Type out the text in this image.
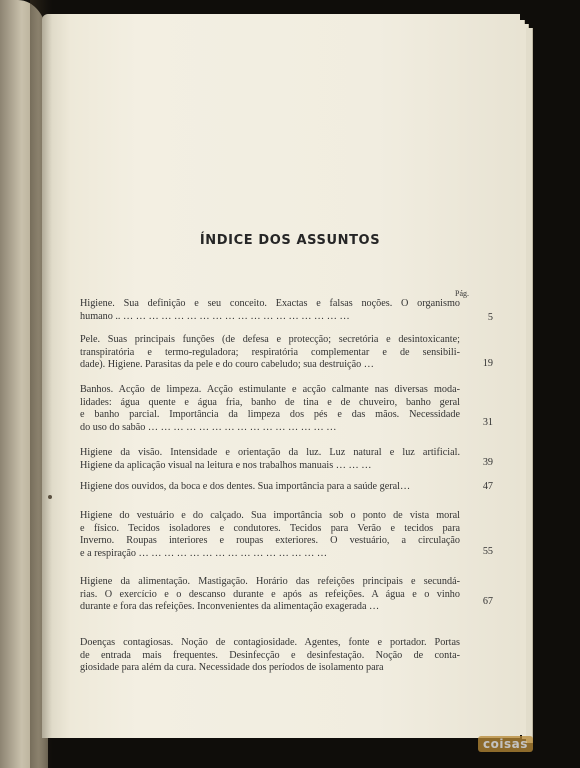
ÍNDICE DOS ASSUNTOS
Pág.
Higiene. Sua definição e seu conceito. Exactas e falsas noções. O organismo
humano .. … … … … … … … … … … … … … … … … … …	5
Pele. Suas principais funções (de defesa e protecção; secretória e desintoxicante;
transpiratória e termo-reguladora; respiratória complementar e de sensibili-
dade). Higiene. Parasitas da pele e do couro cabeludo; sua destruição …	19
Banhos. Acção de limpeza. Acção estimulante e acção calmante nas diversas moda-
lidades: água quente e água fria, banho de tina e de chuveiro, banho geral
e banho parcial. Importância da limpeza dos pés e das mãos. Necessidade
do uso do sabão … … … … … … … … … … … … … … …	31
Higiene da visão. Intensidade e orientação da luz. Luz natural e luz artificial.
Higiene da aplicação visual na leitura e nos trabalhos manuais … … …	39
Higiene dos ouvidos, da boca e dos dentes. Sua importância para a saúde geral…	47
Higiene do vestuário e do calçado. Sua importância sob o ponto de vista moral
e físico. Tecidos isoladores e condutores. Tecidos para Verão e tecidos para
Inverno. Roupas interiores e roupas exteriores. O vestuário, a circulação
e a respiração … … … … … … … … … … … … … … …	55
Higiene da alimentação. Mastigação. Horário das refeições principais e secundá-
rias. O exercício e o descanso durante e após as refeições. A água e o vinho
durante e fora das refeições. Inconvenientes da alimentação exagerada …	67
Doenças contagiosas. Noção de contagiosidade. Agentes, fonte e portador. Portas
de entrada mais frequentes. Desinfecção e desinfestação. Noção de conta-
giosidade para além da cura. Necessidade dos períodos de isolamento para
coisas
